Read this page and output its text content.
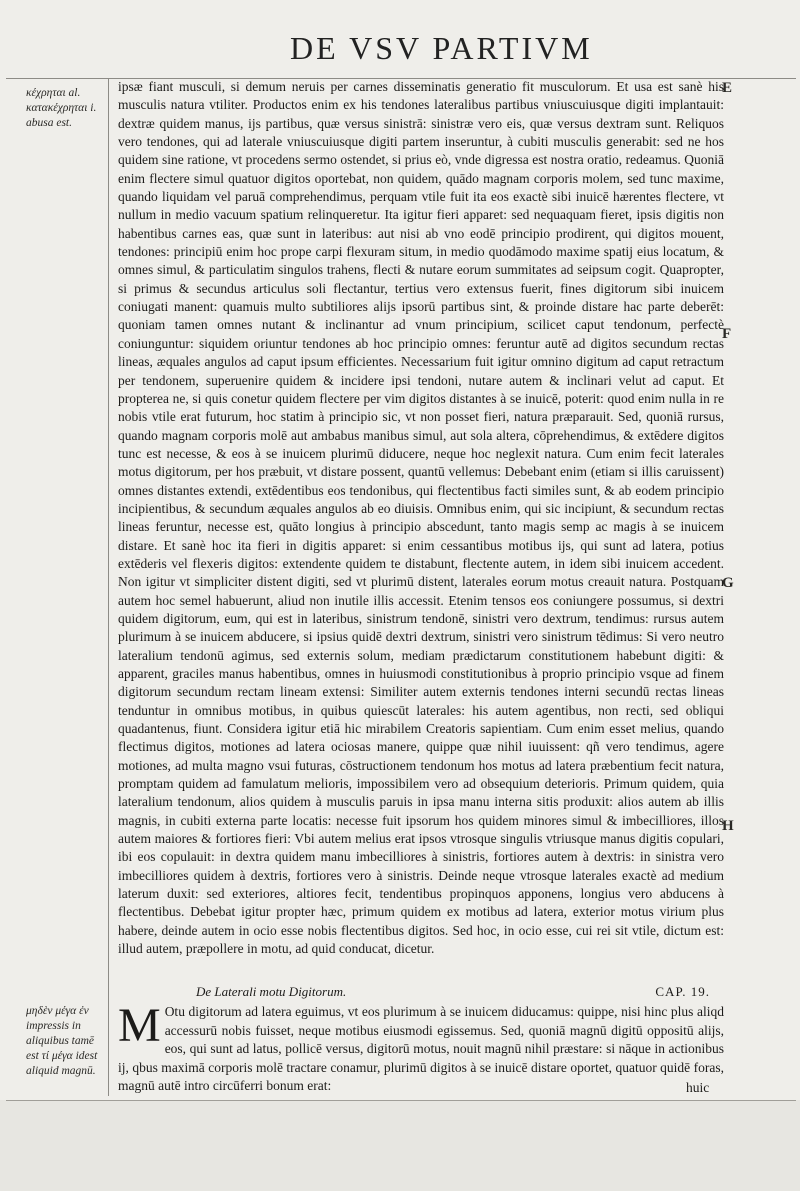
DE VSV PARTIVM
κέχρηται al. κατακέχρηται i. abusa est.
E
F
G
H

ipsæ fiant musculi, si demum neruis per carnes disseminatis generatio fit musculorum. Et usa est sanè his musculis natura vtiliter. Productos enim ex his tendones lateralibus partibus vniuscuiusque digiti implantauit: dextræ quidem manus, ijs partibus, quæ versus sinistrā: sinistræ vero eis, quæ versus dextram sunt. Reliquos vero tendones, qui ad laterale vniuscuiusque digiti partem inseruntur, à cubiti musculis generabit: sed ne hos quidem sine ratione, vt procedens sermo ostendet, si prius eò, vnde digressa est nostra oratio, redeamus. Quoniā enim flectere simul quatuor digitos oportebat, non quidem, quādo magnam corporis molem, sed tunc maxime, quando liquidam vel paruā comprehendimus, perquam vtile fuit ita eos exactè sibi inuicē hærentes flectere, vt nullum in medio vacuum spatium relinqueretur. Ita igitur fieri apparet: sed nequaquam fieret, ipsis digitis non habentibus carnes eas, quæ sunt in lateribus: aut nisi ab vno eodē principio prodirent, qui digitos mouent, tendones: principiū enim hoc prope carpi flexuram situm, in medio quodāmodo maxime spatij eius locatum, & omnes simul, & particulatim singulos trahens, flecti & nutare eorum summitates ad seipsum cogit. Quapropter, si primus & secundus articulus soli flectantur, tertius vero extensus fuerit, fines digitorum sibi inuicem coniugati manent: quamuis multo subtiliores alijs ipsorū partibus sint, & proinde distare hac parte deberēt: quoniam tamen omnes nutant & inclinantur ad vnum principium, scilicet caput tendonum, perfectè coniunguntur: siquidem oriuntur tendones ab hoc principio omnes: feruntur autē ad digitos secundum rectas lineas, æquales angulos ad caput ipsum efficientes. Necessarium fuit igitur omnino digitum ad caput retractum per tendonem, superuenire quidem & incidere ipsi tendoni, nutare autem & inclinari velut ad caput. Et propterea ne, si quis conetur quidem flectere per vim digitos distantes à se inuicē, poterit: quod enim nulla in re nobis vtile erat futurum, hoc statim à principio sic, vt non posset fieri, natura præparauit. Sed, quoniā rursus, quando magnam corporis molē aut ambabus manibus simul, aut sola altera, cōprehendimus, & extēdere digitos tunc est necesse, & eos à se inuicem plurimū diducere, neque hoc neglexit natura. Cum enim fecit laterales motus digitorum, per hos præbuit, vt distare possent, quantū vellemus: Debebant enim (etiam si illis caruissent) omnes distantes extendi, extēdentibus eos tendonibus, qui flectentibus facti similes sunt, & ab eodem principio incipientibus, & secundum æquales angulos ab eo diuisis. Omnibus enim, qui sic incipiunt, & secundum rectas lineas feruntur, necesse est, quāto longius à principio abscedunt, tanto magis semp ac magis à se inuicem distare. Et sanè hoc ita fieri in digitis apparet: si enim cessantibus motibus ijs, qui sunt ad latera, potius extēderis vel flexeris digitos: extendente quidem te distabunt, flectente autem, in idem sibi inuicem accedent. Non igitur vt simpliciter distent digiti, sed vt plurimū distent, laterales eorum motus creauit natura. Postquam autem hoc semel habuerunt, aliud non inutile illis accessit. Etenim tensos eos coniungere possumus, si dextri quidem digitorum, eum, qui est in lateribus, sinistrum tendonē, sinistri vero dextrum, tendimus: rursus autem plurimum à se inuicem abducere, si ipsius quidē dextri dextrum, sinistri vero sinistrum tēdimus: Si vero neutro lateralium tendonū agimus, sed externis solum, mediam prædictarum constitutionem habebunt digiti: & apparent, graciles manus habentibus, omnes in huiusmodi constitutionibus à proprio principio vsque ad finem digitorum secundum rectam lineam extensi: Similiter autem externis tendones interni secundū rectas lineas tenduntur in omnibus motibus, in quibus quiescūt laterales: his autem agentibus, non recti, sed obliqui quadantenus, fiunt. Considera igitur etiā hic mirabilem Creatoris sapientiam. Cum enim esset melius, quando flectimus digitos, motiones ad latera ociosas manere, quippe quæ nihil iuuissent: qñ vero tendimus, agere motiones, ad multa magno vsui futuras, cōstructionem tendonum hos motus ad latera præbentium fecit natura, promptam quidem ad famulatum melioris, impossibilem vero ad obsequium deterioris. Primum quidem, quia lateralium tendonum, alios quidem à musculis paruis in ipsa manu interna sitis produxit: alios autem ab illis magnis, in cubiti externa parte locatis: necesse fuit ipsorum hos quidem minores simul & imbecilliores, illos autem maiores & fortiores fieri: Vbi autem melius erat ipsos vtrosque singulis vtriusque manus digitis copulari, ibi eos copulauit: in dextra quidem manu imbecilliores à sinistris, fortiores autem à dextris: in sinistra vero imbecilliores quidem à dextris, fortiores vero à sinistris. Deinde neque vtrosque laterales exactè ad medium laterum duxit: sed exteriores, altiores fecit, tendentibus propinquos apponens, longius vero abducens à flectentibus. Debebat igitur propter hæc, primum quidem ex motibus ad latera, exterior motus virium plus habere, deinde autem in ocio esse nobis flectentibus digitos. Sed hoc, in ocio esse, cui rei sit vtile, dictum est: illud autem, præpollere in motu, ad quid conducat, dicetur.

De Laterali motu Digitorum.	CAP. 19.
μηδὲν μέγα ἐν impressis in aliquibus tamē est τί μέγα idest aliquid magnū.

M Otu digitorum ad latera eguimus, vt eos plurimum à se inuicem diducamus: quippe, nisi hinc plus aliqd accessurū nobis fuisset, neque motibus eiusmodi egissemus. Sed, quoniā magnū digitū oppositū alijs, eos, qui sunt ad latus, pollicē versus, digitorū motus, nouit magnū nihil præstare: si nāque in actionibus ij, qbus maximā corporis molē tractare conamur, plurimū digitos à se inuicē distare oportet, quatuor quidē foras, magnū autē intro circūferri bonum erat:	huic
